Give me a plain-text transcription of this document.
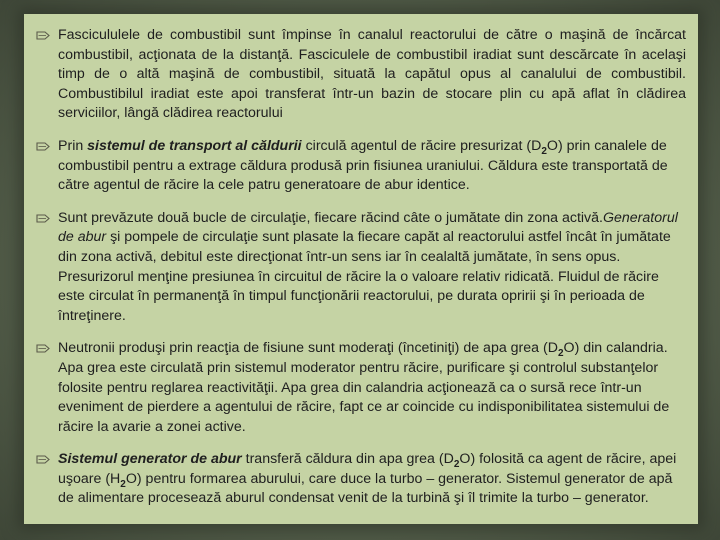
Fascicululele de combustibil sunt împinse în canalul reactorului de către o maşină de încărcat combustibil, acţionata de la distanţă. Fasciculele de combustibil iradiat sunt descărcate în acelaşi timp de o altă maşină de combustibil, situată la capătul opus al canalului de combustibil. Combustibilul iradiat este apoi transferat într-un bazin de stocare plin cu apă aflat în clădirea serviciilor, lângă clădirea reactorului
Prin sistemul de transport al căldurii circulă agentul de răcire presurizat $(D_2O)$ prin canalele de combustibil pentru a extrage căldura produsă prin fisiunea uraniului. Căldura este transportată de către agentul de răcire la cele patru generatoare de abur identice.
Sunt prevăzute două bucle de circulaţie, fiecare răcind câte o jumătate din zona activă.Generatorul de abur şi pompele de circulaţie sunt plasate la fiecare capăt al reactorului astfel încât în jumătate din zona activă, debitul este direcţionat într-un sens iar în cealaltă jumătate, în sens opus. Presurizorul menţine presiunea în circuitul de răcire la o valoare relativ ridicată. Fluidul de răcire este circulat în permanenţă în timpul funcţionării reactorului, pe durata opririi şi în perioada de întreţinere.
Neutronii produşi prin reacţia de fisiune sunt moderaţi (încetiniţi) de apa grea $(D_2O)$ din calandria. Apa grea este circulată prin sistemul moderator pentru răcire, purificare şi controlul substanţelor folosite pentru reglarea reactivităţii. Apa grea din calandria acţionează ca o sursă rece într-un eveniment de pierdere a agentului de răcire, fapt ce ar coincide cu indisponibilitatea sistemului de răcire la avarie a zonei active.
Sistemul generator de abur transferă căldura din apa grea $(D_2O)$ folosită ca agent de răcire, apei uşoare $(H_2O)$ pentru formarea aburului, care duce la turbo – generator. Sistemul generator de apă de alimentare procesează aburul condensat venit de la turbină şi îl trimite la turbo – generator.
